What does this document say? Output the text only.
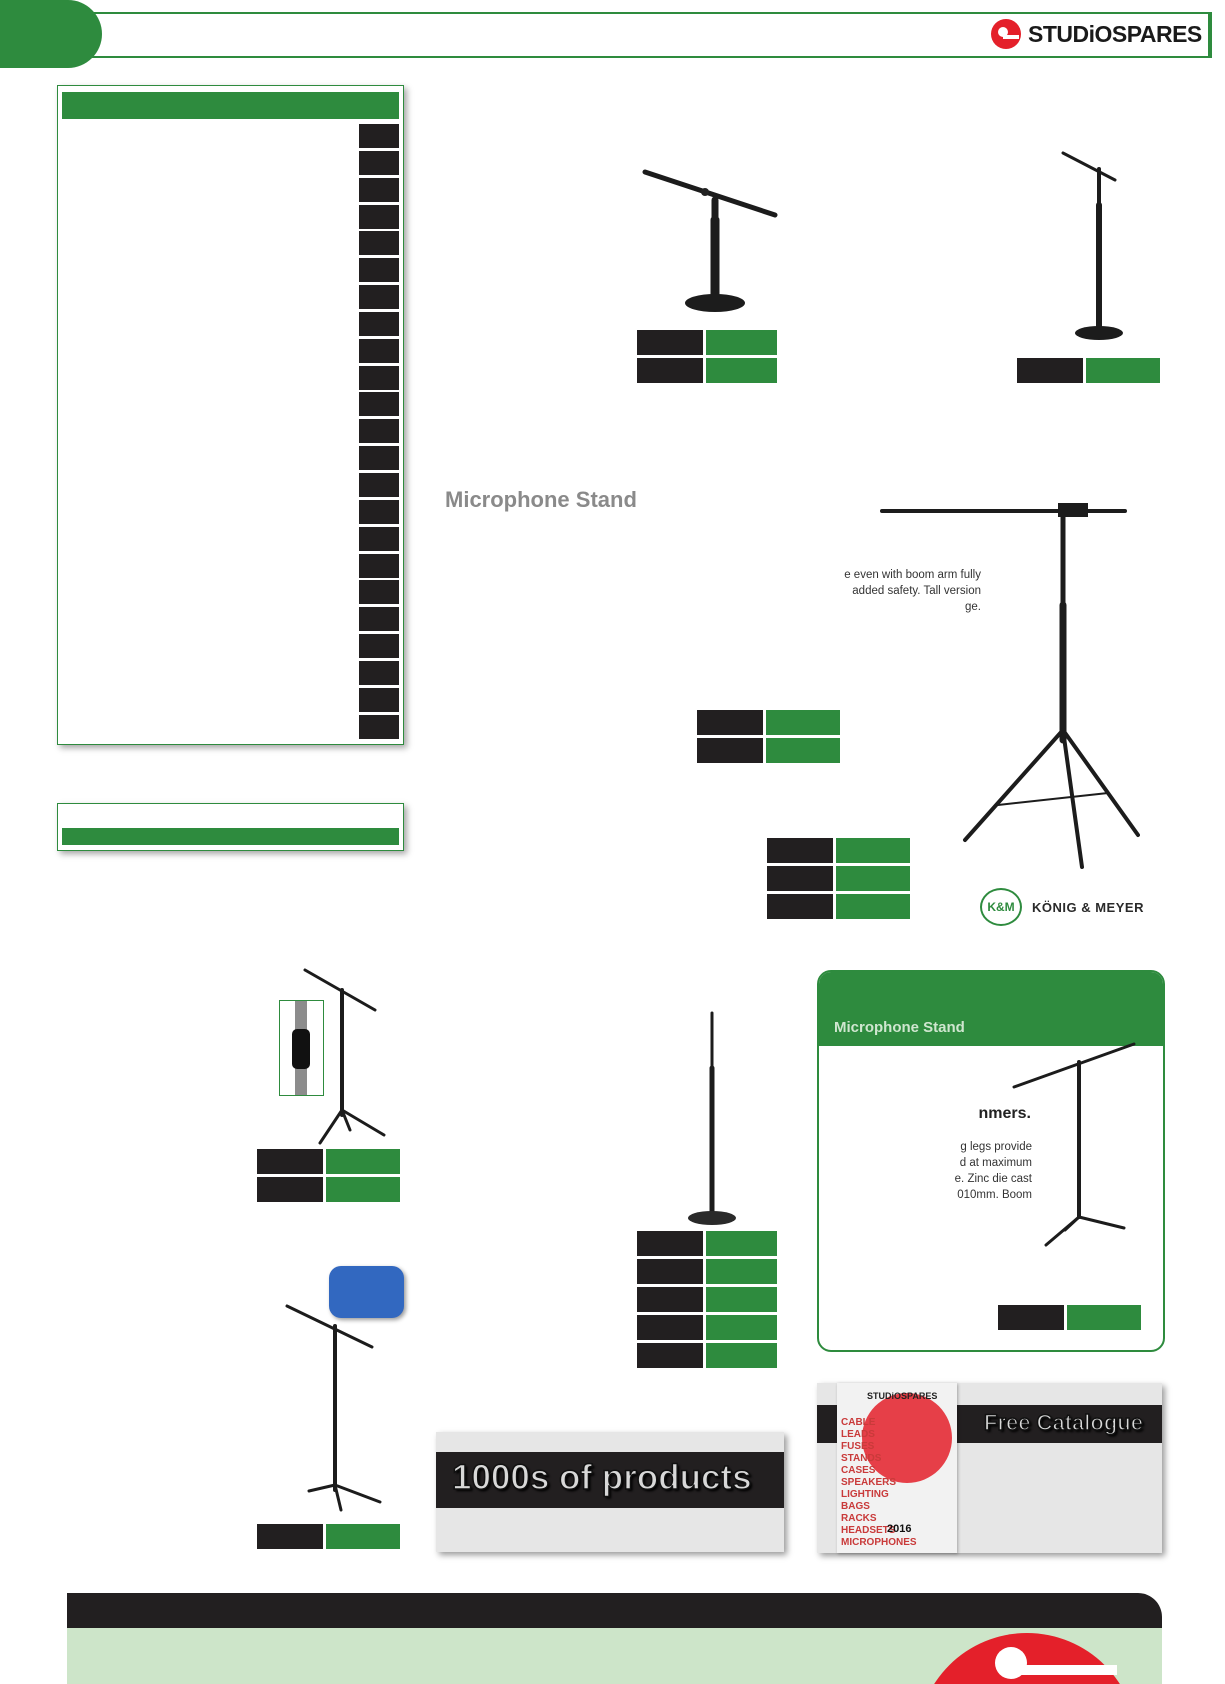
STUDiOSPARES
Microphone Stand
e even with boom arm fully
added safety. Tall version
ge.
K&M	KÖNIG & MEYER
Microphone Stand
nmers.
g legs provide
d at maximum
e. Zinc die cast
010mm. Boom
1000s of products
STUDiOSPARES
CABLE
LEADS
FUSES
STANDS
CASES
SPEAKERS
LIGHTING
BAGS
RACKS
HEADSETS
MICROPHONES
2016
Free Catalogue
